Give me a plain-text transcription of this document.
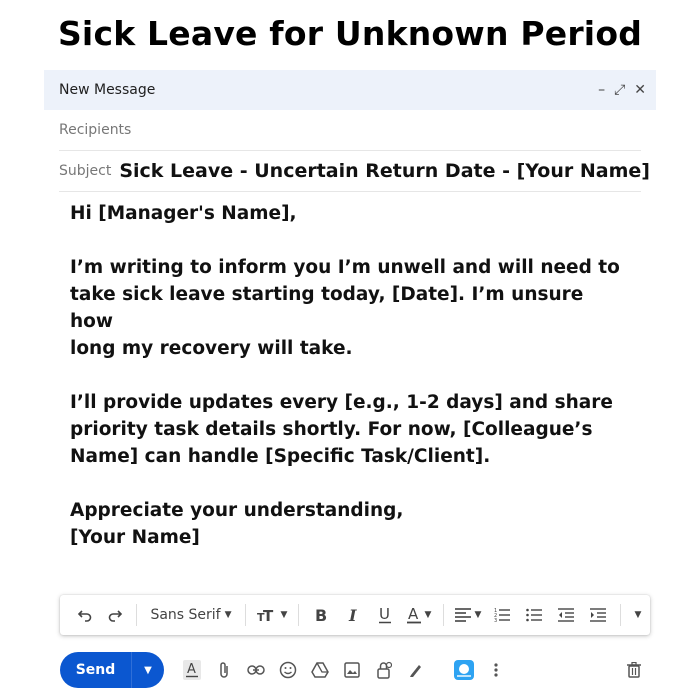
Sick Leave for Unknown Period
New Message	– ⤢ ✕
Recipients
Subject Sick Leave - Uncertain Return Date - [Your Name]

Hi [Manager's Name],

I’m writing to inform you I’m unwell and will need to

take sick leave starting today, [Date]. I’m unsure how

long my recovery will take.

I’ll provide updates every [e.g., 1-2 days] and share

priority task details shortly. For now, [Colleague’s

Name] can handle [Specific Task/Client].

Appreciate your understanding,

[Your Name]

Sans Serif ▼ T
T ▼ B I U A ▼	▼	1
2
3
▼
Send	▼	A
